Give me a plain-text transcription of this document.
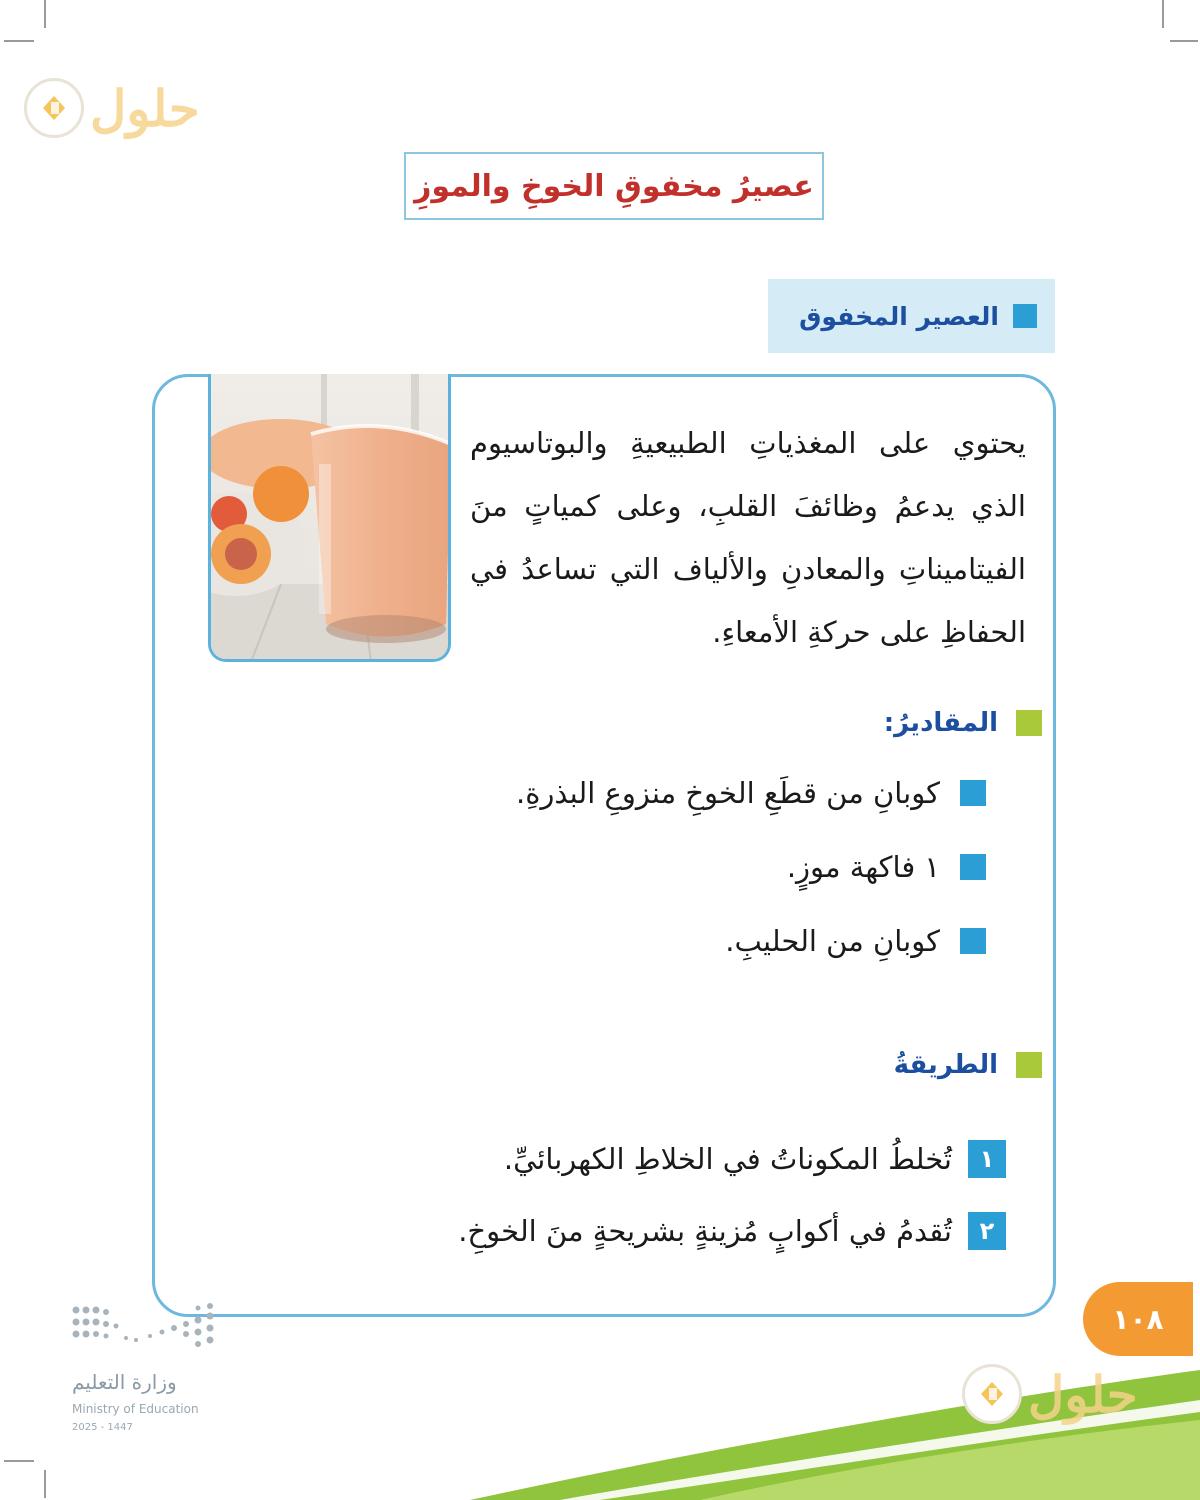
حلول
حلول
عصيرُ مخفوقِ الخوخِ والموزِ
العصير المخفوق
يحتوي على المغذياتِ الطبيعيةِ والبوتاسيوم الذي يدعمُ وظائفَ القلبِ، وعلى كمياتٍ منَ الفيتاميناتِ والمعادنِ والألياف التي تساعدُ في الحفاظِ على حركةِ الأمعاءِ.
المقاديرُ:
كوبانِ من قطَعِ الخوخِ منزوعِ البذرةِ.
١ فاكهة موزٍ.
كوبانِ من الحليبِ.
الطريقةُ
١
تُخلطُ المكوناتُ في الخلاطِ الكهربائيِّ.
٢
تُقدمُ في أكوابٍ مُزينةٍ بشريحةٍ منَ الخوخِ.
١٠٨
وزارة التعليم
Ministry of Education
2025 - 1447
